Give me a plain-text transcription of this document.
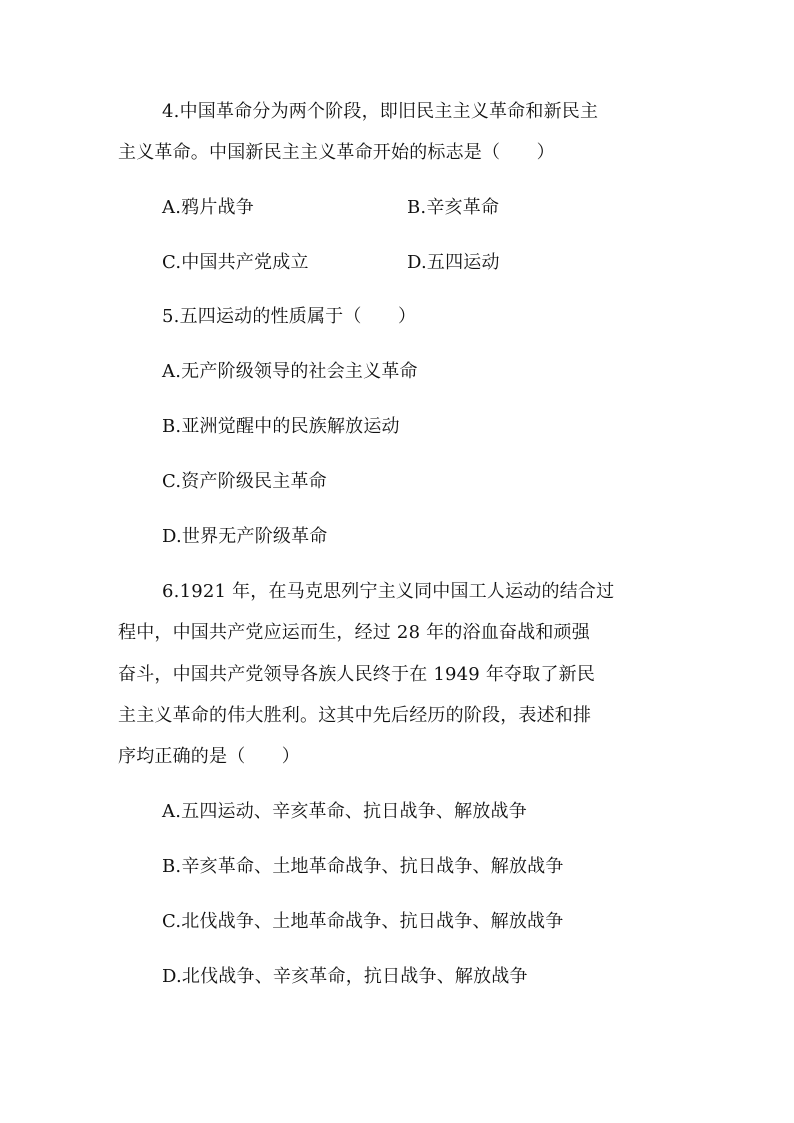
4.中国革命分为两个阶段，即旧民主主义革命和新民主
主义革命。中国新民主主义革命开始的标志是（　　）
A.鸦片战争	B.辛亥革命
C.中国共产党成立	D.五四运动
5.五四运动的性质属于（　　）
A.无产阶级领导的社会主义革命
B.亚洲觉醒中的民族解放运动
C.资产阶级民主革命
D.世界无产阶级革命
6.1921 年，在马克思列宁主义同中国工人运动的结合过
程中，中国共产党应运而生，经过 28 年的浴血奋战和顽强
奋斗，中国共产党领导各族人民终于在 1949 年夺取了新民
主主义革命的伟大胜利。这其中先后经历的阶段，表述和排
序均正确的是（　　）
A.五四运动、辛亥革命、抗日战争、解放战争
B.辛亥革命、土地革命战争、抗日战争、解放战争
C.北伐战争、土地革命战争、抗日战争、解放战争
D.北伐战争、辛亥革命，抗日战争、解放战争
